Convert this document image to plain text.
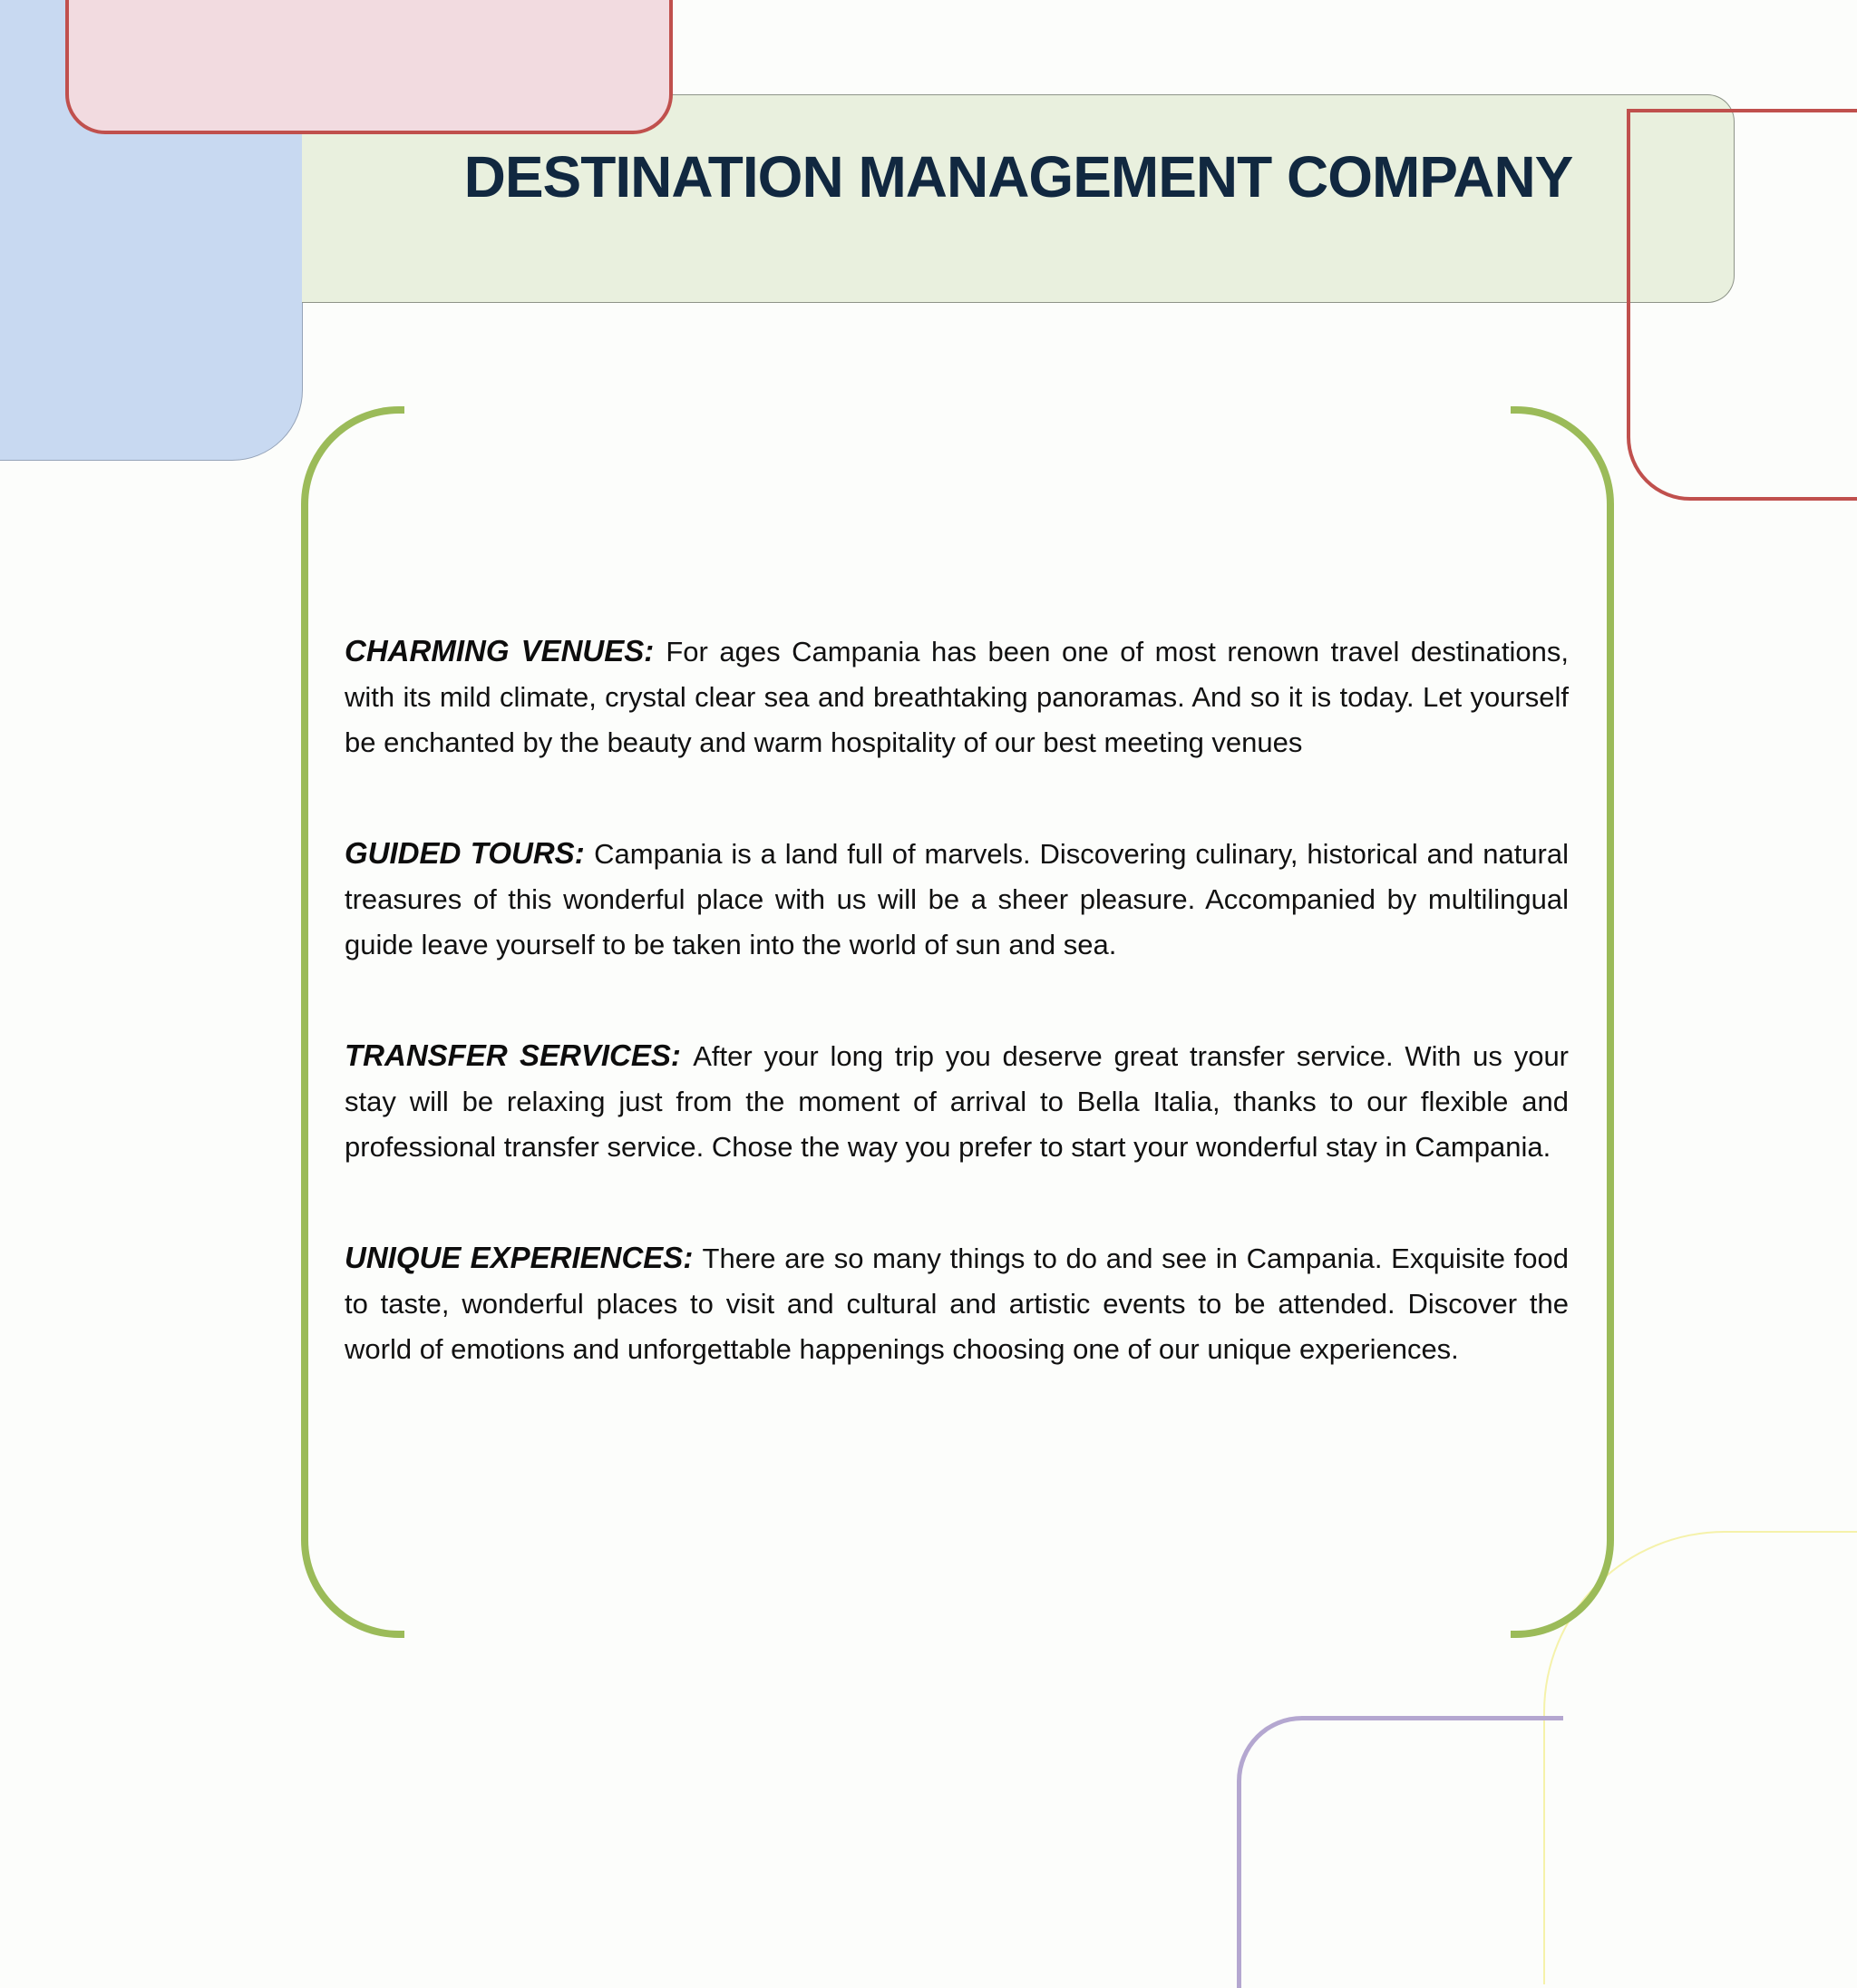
DESTINATION MANAGEMENT COMPANY

CHARMING VENUES: For ages Campania has been one of most renown travel destinations, with its mild climate, crystal clear sea and breathtaking panoramas. And so it is today. Let yourself be enchanted by the beauty and warm hospitality of our best meeting venues

GUIDED TOURS: Campania is a land full of marvels. Discovering culinary, historical and natural treasures of this wonderful place with us will be a sheer pleasure. Accompanied by multilingual guide leave yourself to be taken into the world of sun and sea.

TRANSFER SERVICES: After your long trip you deserve great transfer service. With us your stay will be relaxing just from the moment of arrival to Bella Italia, thanks to our flexible and professional transfer service. Chose the way you prefer to start your wonderful stay in Campania.

UNIQUE EXPERIENCES: There are so many things to do and see in Campania. Exquisite food to taste, wonderful places to visit and cultural and artistic events to be attended. Discover the world of emotions and unforgettable happenings choosing one of our unique experiences.
